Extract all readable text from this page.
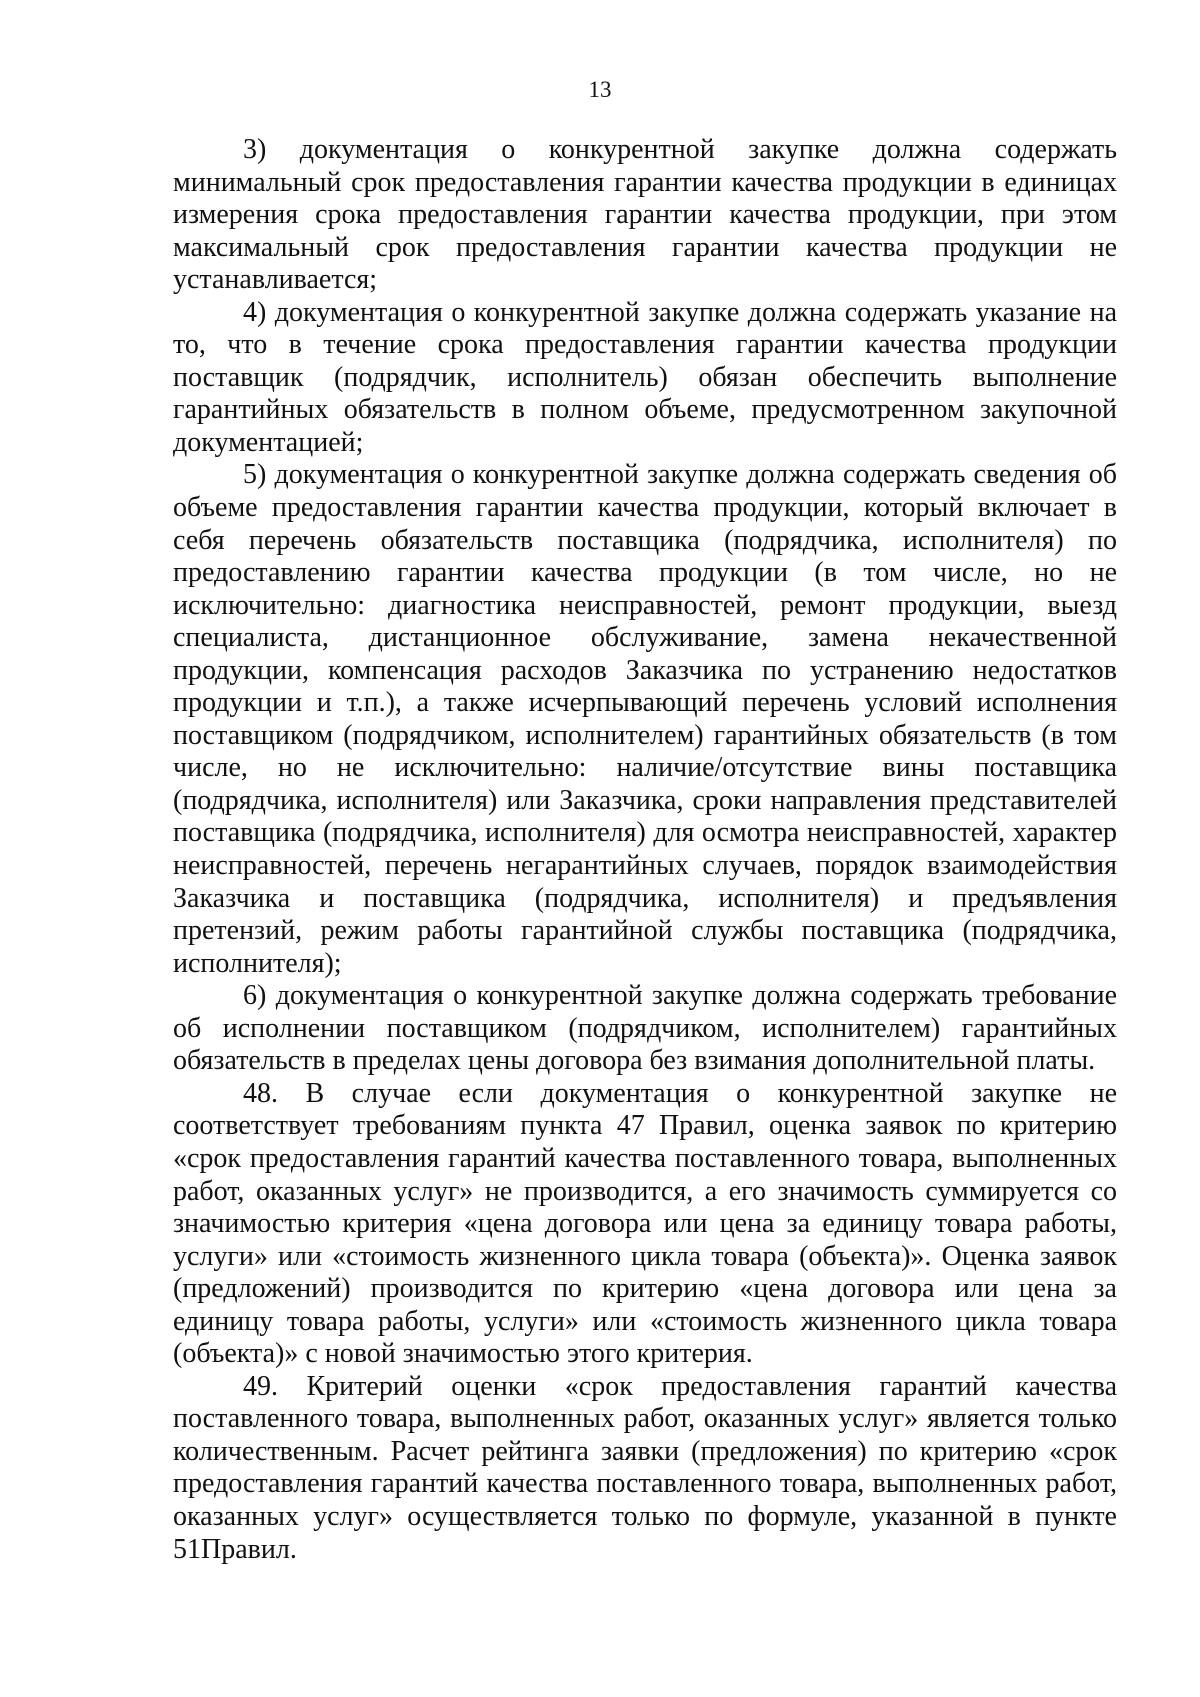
13

3) документация о конкурентной закупке должна содержать минимальный срок предоставления гарантии качества продукции в единицах измерения срока предоставления гарантии качества продукции, при этом максимальный срок предоставления гарантии качества продукции не устанавливается;

4) документация о конкурентной закупке должна содержать указание на то, что в течение срока предоставления гарантии качества продукции поставщик (подрядчик, исполнитель) обязан обеспечить выполнение гарантийных обязательств в полном объеме, предусмотренном закупочной документацией;

5) документация о конкурентной закупке должна содержать сведения об объеме предоставления гарантии качества продукции, который включает в себя перечень обязательств поставщика (подрядчика, исполнителя) по предоставлению гарантии качества продукции (в том числе, но не исключительно: диагностика неисправностей, ремонт продукции, выезд специалиста, дистанционное обслуживание, замена некачественной продукции, компенсация расходов Заказчика по устранению недостатков продукции и т.п.), а также исчерпывающий перечень условий исполнения поставщиком (подрядчиком, исполнителем) гарантийных обязательств (в том числе, но не исключительно: наличие/отсутствие вины поставщика (подрядчика, исполнителя) или Заказчика, сроки направления представителей поставщика (подрядчика, исполнителя) для осмотра неисправностей, характер неисправностей, перечень негарантийных случаев, порядок взаимодействия Заказчика и поставщика (подрядчика, исполнителя) и предъявления претензий, режим работы гарантийной службы поставщика (подрядчика, исполнителя);

6) документация о конкурентной закупке должна содержать требование об исполнении поставщиком (подрядчиком, исполнителем) гарантийных обязательств в пределах цены договора без взимания дополнительной платы.

48. В случае если документация о конкурентной закупке не соответствует требованиям пункта 47 Правил, оценка заявок по критерию «срок предоставления гарантий качества поставленного товара, выполненных работ, оказанных услуг» не производится, а его значимость суммируется со значимостью критерия «цена договора или цена за единицу товара работы, услуги» или «стоимость жизненного цикла товара (объекта)». Оценка заявок (предложений) производится по критерию «цена договора или цена за единицу товара работы, услуги» или «стоимость жизненного цикла товара (объекта)» с новой значимостью этого критерия.

49. Критерий оценки «срок предоставления гарантий качества поставленного товара, выполненных работ, оказанных услуг» является только количественным. Расчет рейтинга заявки (предложения) по критерию «срок предоставления гарантий качества поставленного товара, выполненных работ, оказанных услуг» осуществляется только по формуле, указанной в пункте 51Правил.
